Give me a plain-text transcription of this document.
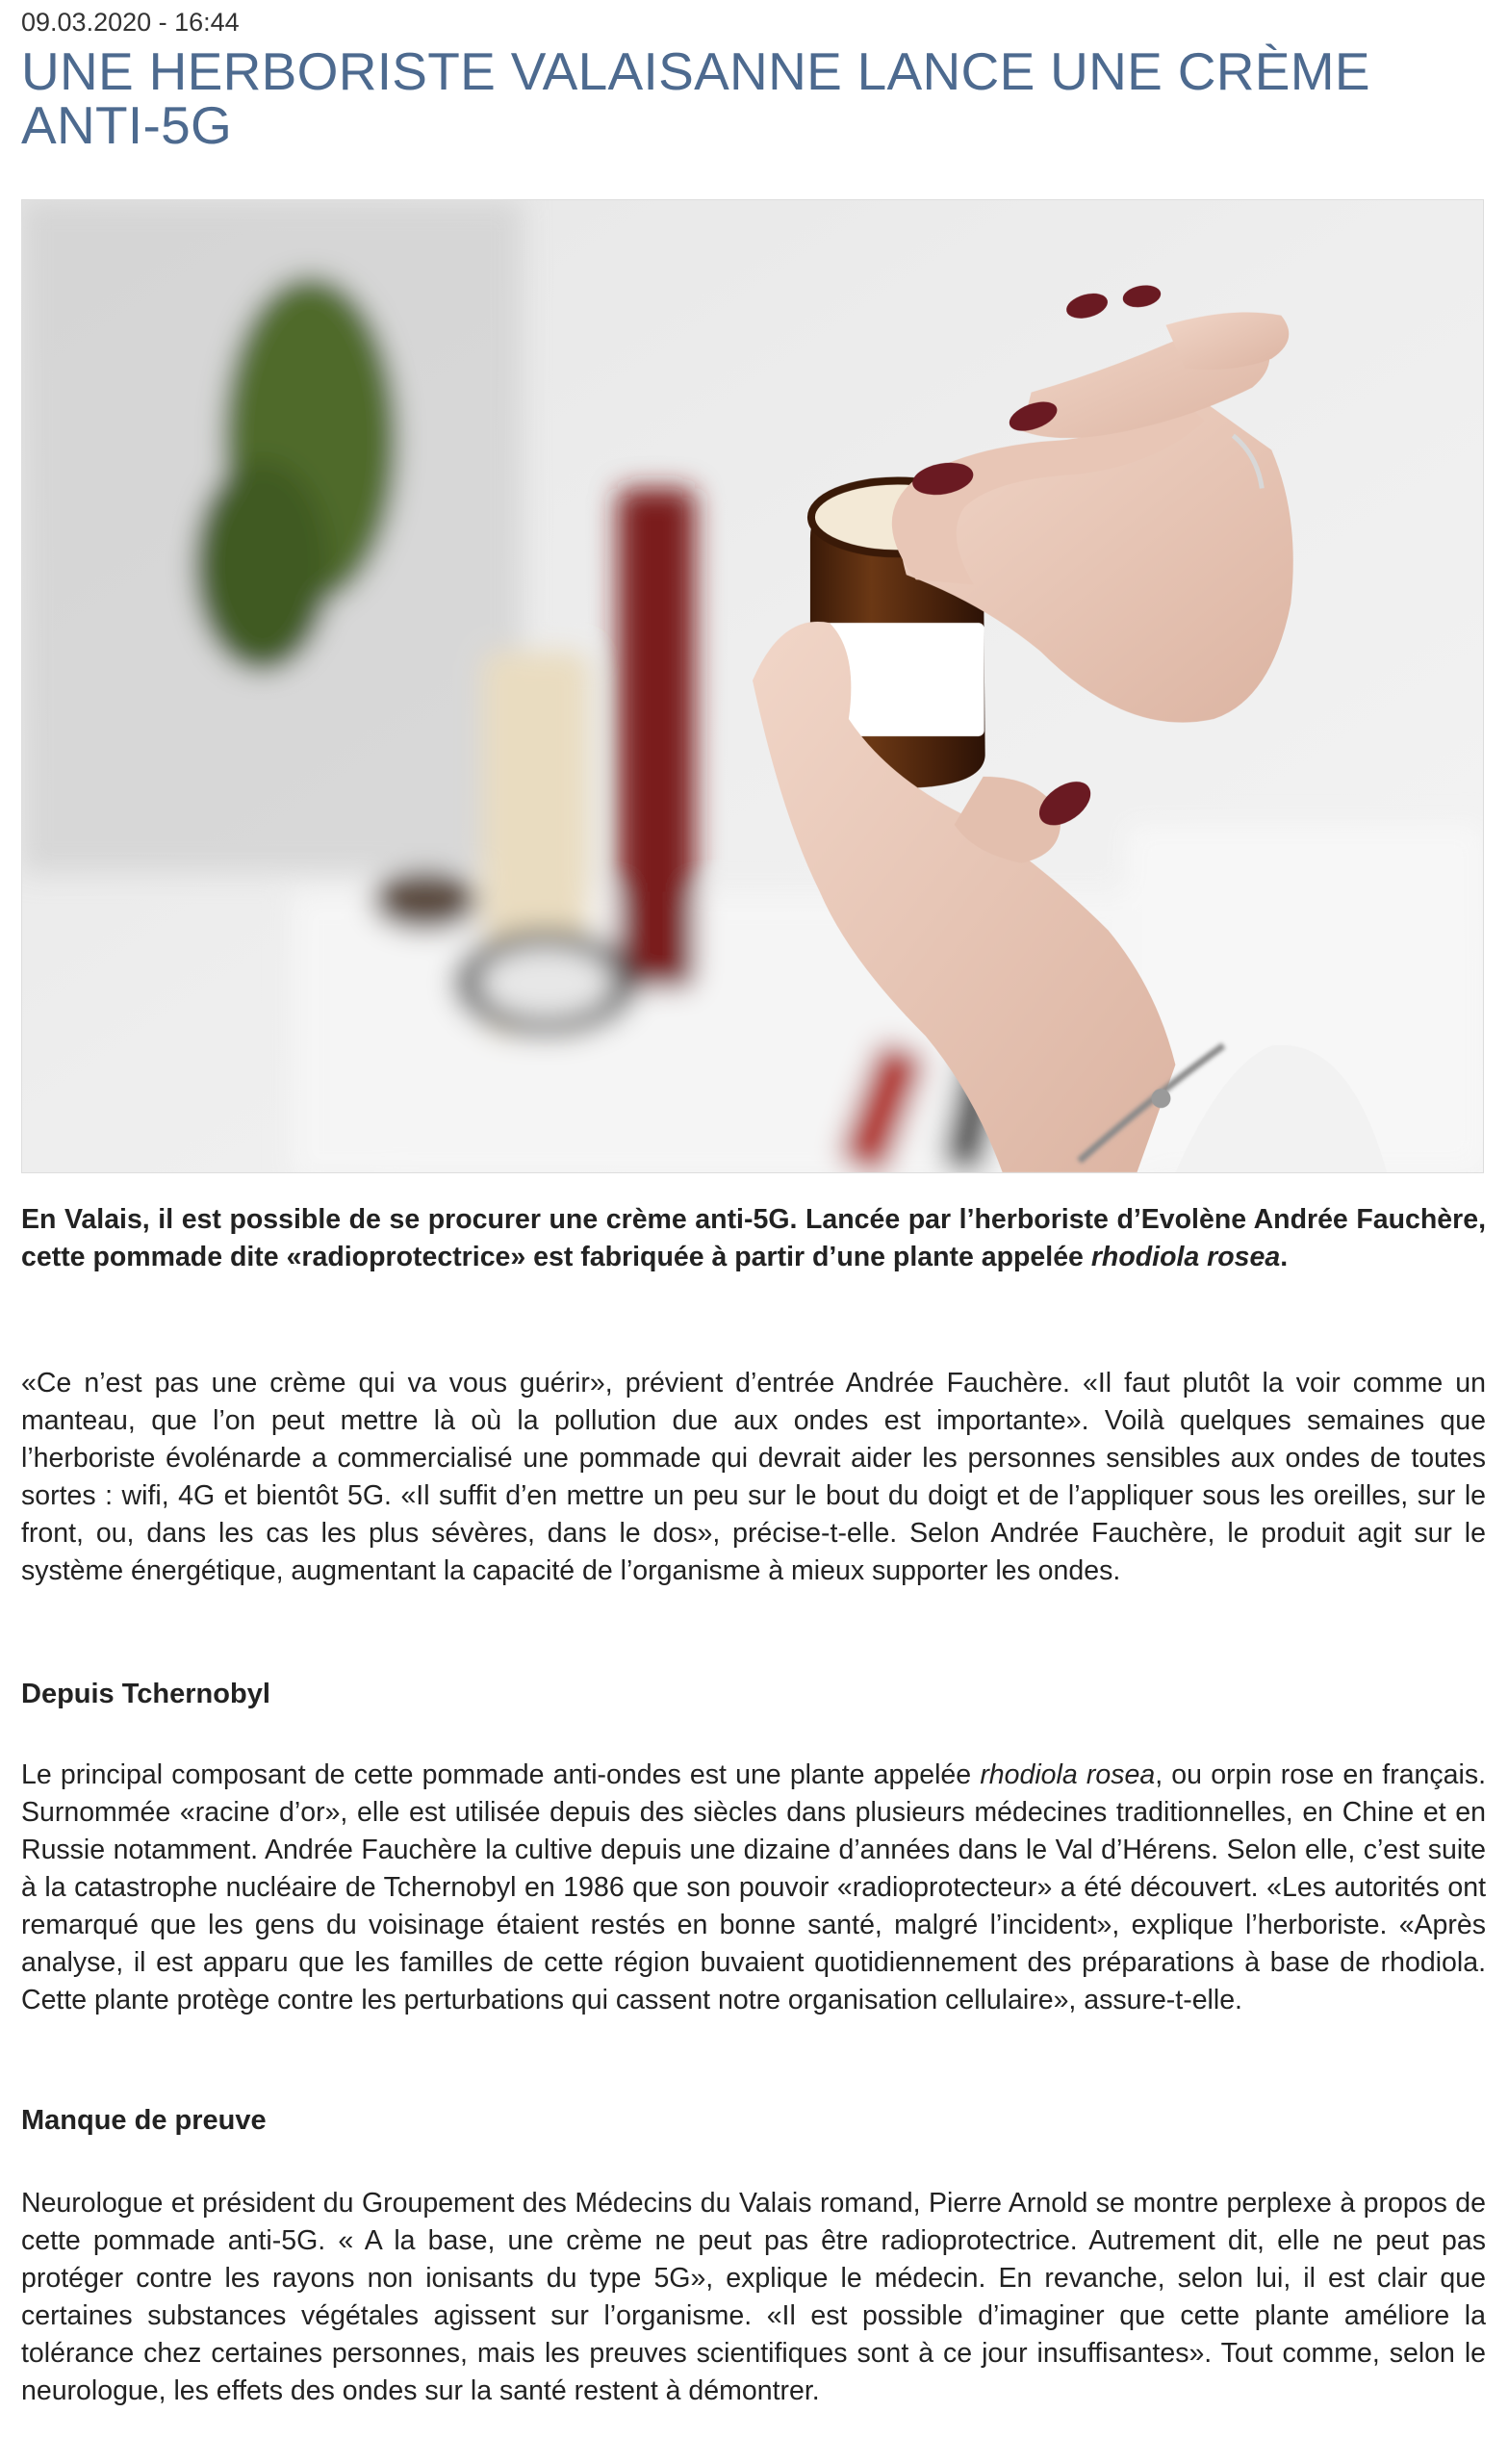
09.03.2020 - 16:44
UNE HERBORISTE VALAISANNE LANCE UNE CRÈME ANTI-5G

En Valais, il est possible de se procurer une crème anti-5G. Lancée par l’herboriste d’Evolène Andrée Fauchère, cette pommade dite «radioprotectrice» est fabriquée à partir d’une plante appelée rhodiola rosea.

«Ce n’est pas une crème qui va vous guérir», prévient d’entrée Andrée Fauchère. «Il faut plutôt la voir comme un manteau, que l’on peut mettre là où la pollution due aux ondes est importante». Voilà quelques semaines que l’herboriste évolénarde a commercialisé une pommade qui devrait aider les personnes sensibles aux ondes de toutes sortes : wifi, 4G et bientôt 5G. «Il suffit d’en mettre un peu sur le bout du doigt et de l’appliquer sous les oreilles, sur le front, ou, dans les cas les plus sévères, dans le dos», précise-t-elle. Selon Andrée Fauchère, le produit agit sur le système énergétique, augmentant la capacité de l’organisme à mieux supporter les ondes.

Depuis Tchernobyl

Le principal composant de cette pommade anti-ondes est une plante appelée rhodiola rosea, ou orpin rose en français. Surnommée «racine d’or», elle est utilisée depuis des siècles dans plusieurs médecines traditionnelles, en Chine et en Russie notamment. Andrée Fauchère la cultive depuis une dizaine d’années dans le Val d’Hérens. Selon elle, c’est suite à la catastrophe nucléaire de Tchernobyl en 1986 que son pouvoir «radioprotecteur» a été découvert. «Les autorités ont remarqué que les gens du voisinage étaient restés en bonne santé, malgré l’incident», explique l’herboriste. «Après analyse, il est apparu que les familles de cette région buvaient quotidiennement des préparations à base de rhodiola. Cette plante protège contre les perturbations qui cassent notre organisation cellulaire», assure-t-elle.

Manque de preuve

Neurologue et président du Groupement des Médecins du Valais romand, Pierre Arnold se montre perplexe à propos de cette pommade anti-5G. « A la base, une crème ne peut pas être radioprotectrice. Autrement dit, elle ne peut pas protéger contre les rayons non ionisants du type 5G», explique le médecin. En revanche, selon lui, il est clair que certaines substances végétales agissent sur l’organisme. «Il est possible d’imaginer que cette plante améliore la tolérance chez certaines personnes, mais les preuves scientifiques sont à ce jour insuffisantes». Tout comme, selon le neurologue, les effets des ondes sur la santé restent à démontrer.
